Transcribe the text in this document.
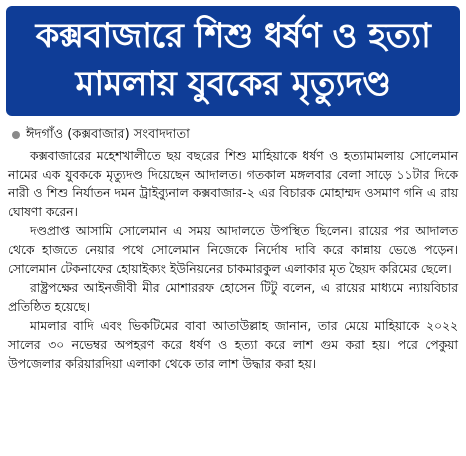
কক্সবাজারে শিশু ধর্ষণ ও হত্যা
মামলায় যুবকের মৃত্যুদণ্ড
ঈদগাঁও (কক্সবাজার) সংবাদদাতা

কক্সবাজারের মহেশখালীতে ছয় বছরের শিশু মাহিয়াকে ধর্ষণ ও হত্যামামলায় সোলেমান নামের এক যুবককে মৃত্যুদণ্ড দিয়েছেন আদালত। গতকাল মঙ্গলবার বেলা সাড়ে ১১টার দিকে নারী ও শিশু নির্যাতন দমন ট্রাইব্যুনাল কক্সবাজার-২ এর বিচারক মোহাম্মদ ওসমাণ গনি এ রায় ঘোষণা করেন।

দণ্ডপ্রাপ্ত আসামি সোলেমান এ সময় আদালতে উপস্থিত ছিলেন। রায়ের পর আদালত থেকে হাজতে নেয়ার পথে সোলেমান নিজেকে নির্দোষ দাবি করে কান্নায় ভেঙে পড়েন। সোলেমান টেকনাফের হোয়াইক্যং ইউনিয়নের চাকমারকুল এলাকার মৃত ছৈয়দ করিমের ছেলে।

রাষ্ট্রপক্ষের আইনজীবী মীর মোশাররফ হোসেন টিটু বলেন, এ রায়ের মাধ্যমে ন্যায়বিচার প্রতিষ্ঠিত হয়েছে।

মামলার বাদি এবং ভিকটিমের বাবা আতাউল্লাহ জানান, তার মেয়ে মাহিয়াকে ২০২২ সালের ৩০ নভেম্বর অপহরণ করে ধর্ষণ ও হত্যা করে লাশ গুম করা হয়। পরে পেকুয়া উপজেলার করিয়ারদিয়া এলাকা থেকে তার লাশ উদ্ধার করা হয়।
